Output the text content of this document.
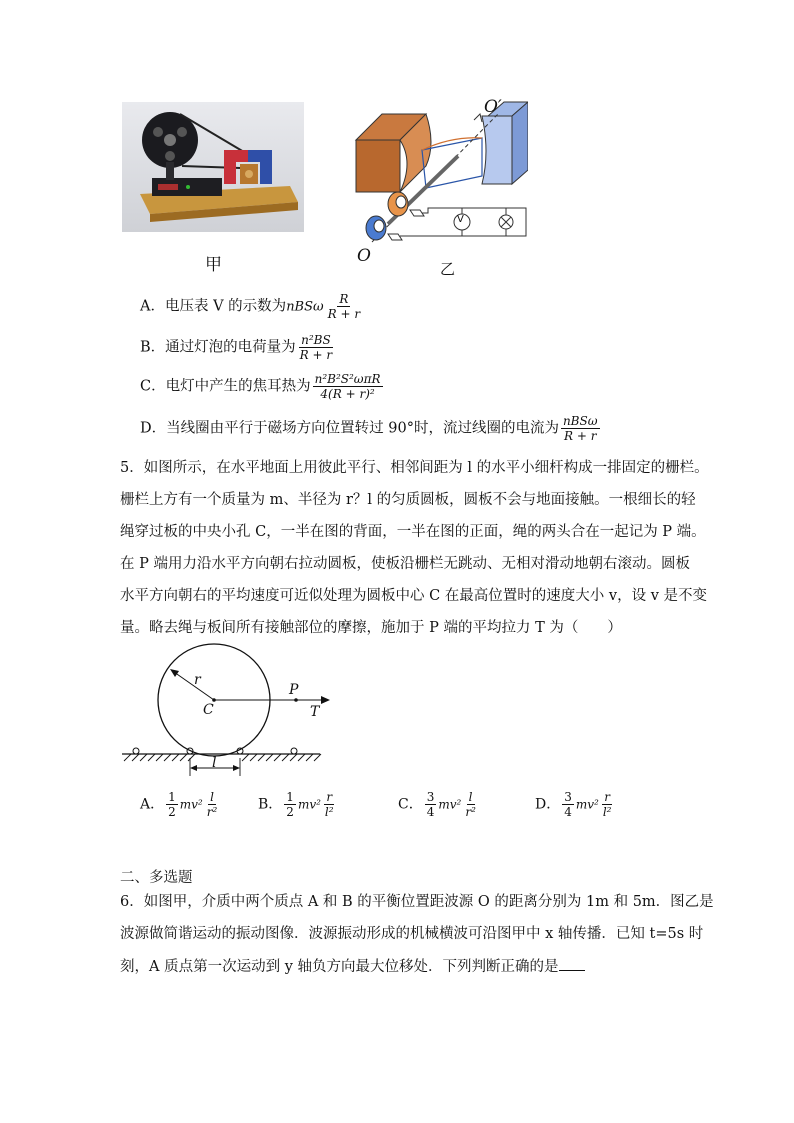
甲
V
O′
O
乙
A．电压表 V 的示数为nBSω $\frac{R}{R + r}$
B．通过灯泡的电荷量为 $\frac{\text{n²BS}}{R + r}$
C．电灯中产生的焦耳热为 $\frac{\text{n²B²S²ωπR}}{\text{4(R + r)²}}$
D．当线圈由平行于磁场方向位置转过 90°时，流过线圈的电流为 $\frac{\text{nBSω}}{R + r}$
5．如图所示，在水平地面上用彼此平行、相邻间距为 l 的水平小细杆构成一排固定的栅栏。
栅栏上方有一个质量为 m、半径为 r？l 的匀质圆板，圆板不会与地面接触。一根细长的轻
绳穿过板的中央小孔 C，一半在图的背面，一半在图的正面，绳的两头合在一起记为 P 端。
在 P 端用力沿水平方向朝右拉动圆板，使板沿栅栏无跳动、无相对滑动地朝右滚动。圆板
水平方向朝右的平均速度可近似处理为圆板中心 C 在最高位置时的速度大小 v，设 v 是不变
量。略去绳与板间所有接触部位的摩擦，施加于 P 端的平均拉力 T 为（　　）
r
C
P
T
l
A． $\frac{1}{2} mv^2 \frac{l}{\text{r²}}$	B． $\frac{1}{2} mv^2 \frac{r}{\text{l²}}$	C． $\frac{3}{4} mv^2 \frac{l}{\text{r²}}$	D． $\frac{3}{4} mv^2 \frac{r}{\text{l²}}$
二、多选题
6．如图甲，介质中两个质点 A 和 B 的平衡位置距波源 O 的距离分别为 1m 和 5m．图乙是
波源做简谐运动的振动图像．波源振动形成的机械横波可沿图甲中 x 轴传播．已知 t=5s 时
刻，A 质点第一次运动到 y 轴负方向最大位移处．下列判断正确的是
